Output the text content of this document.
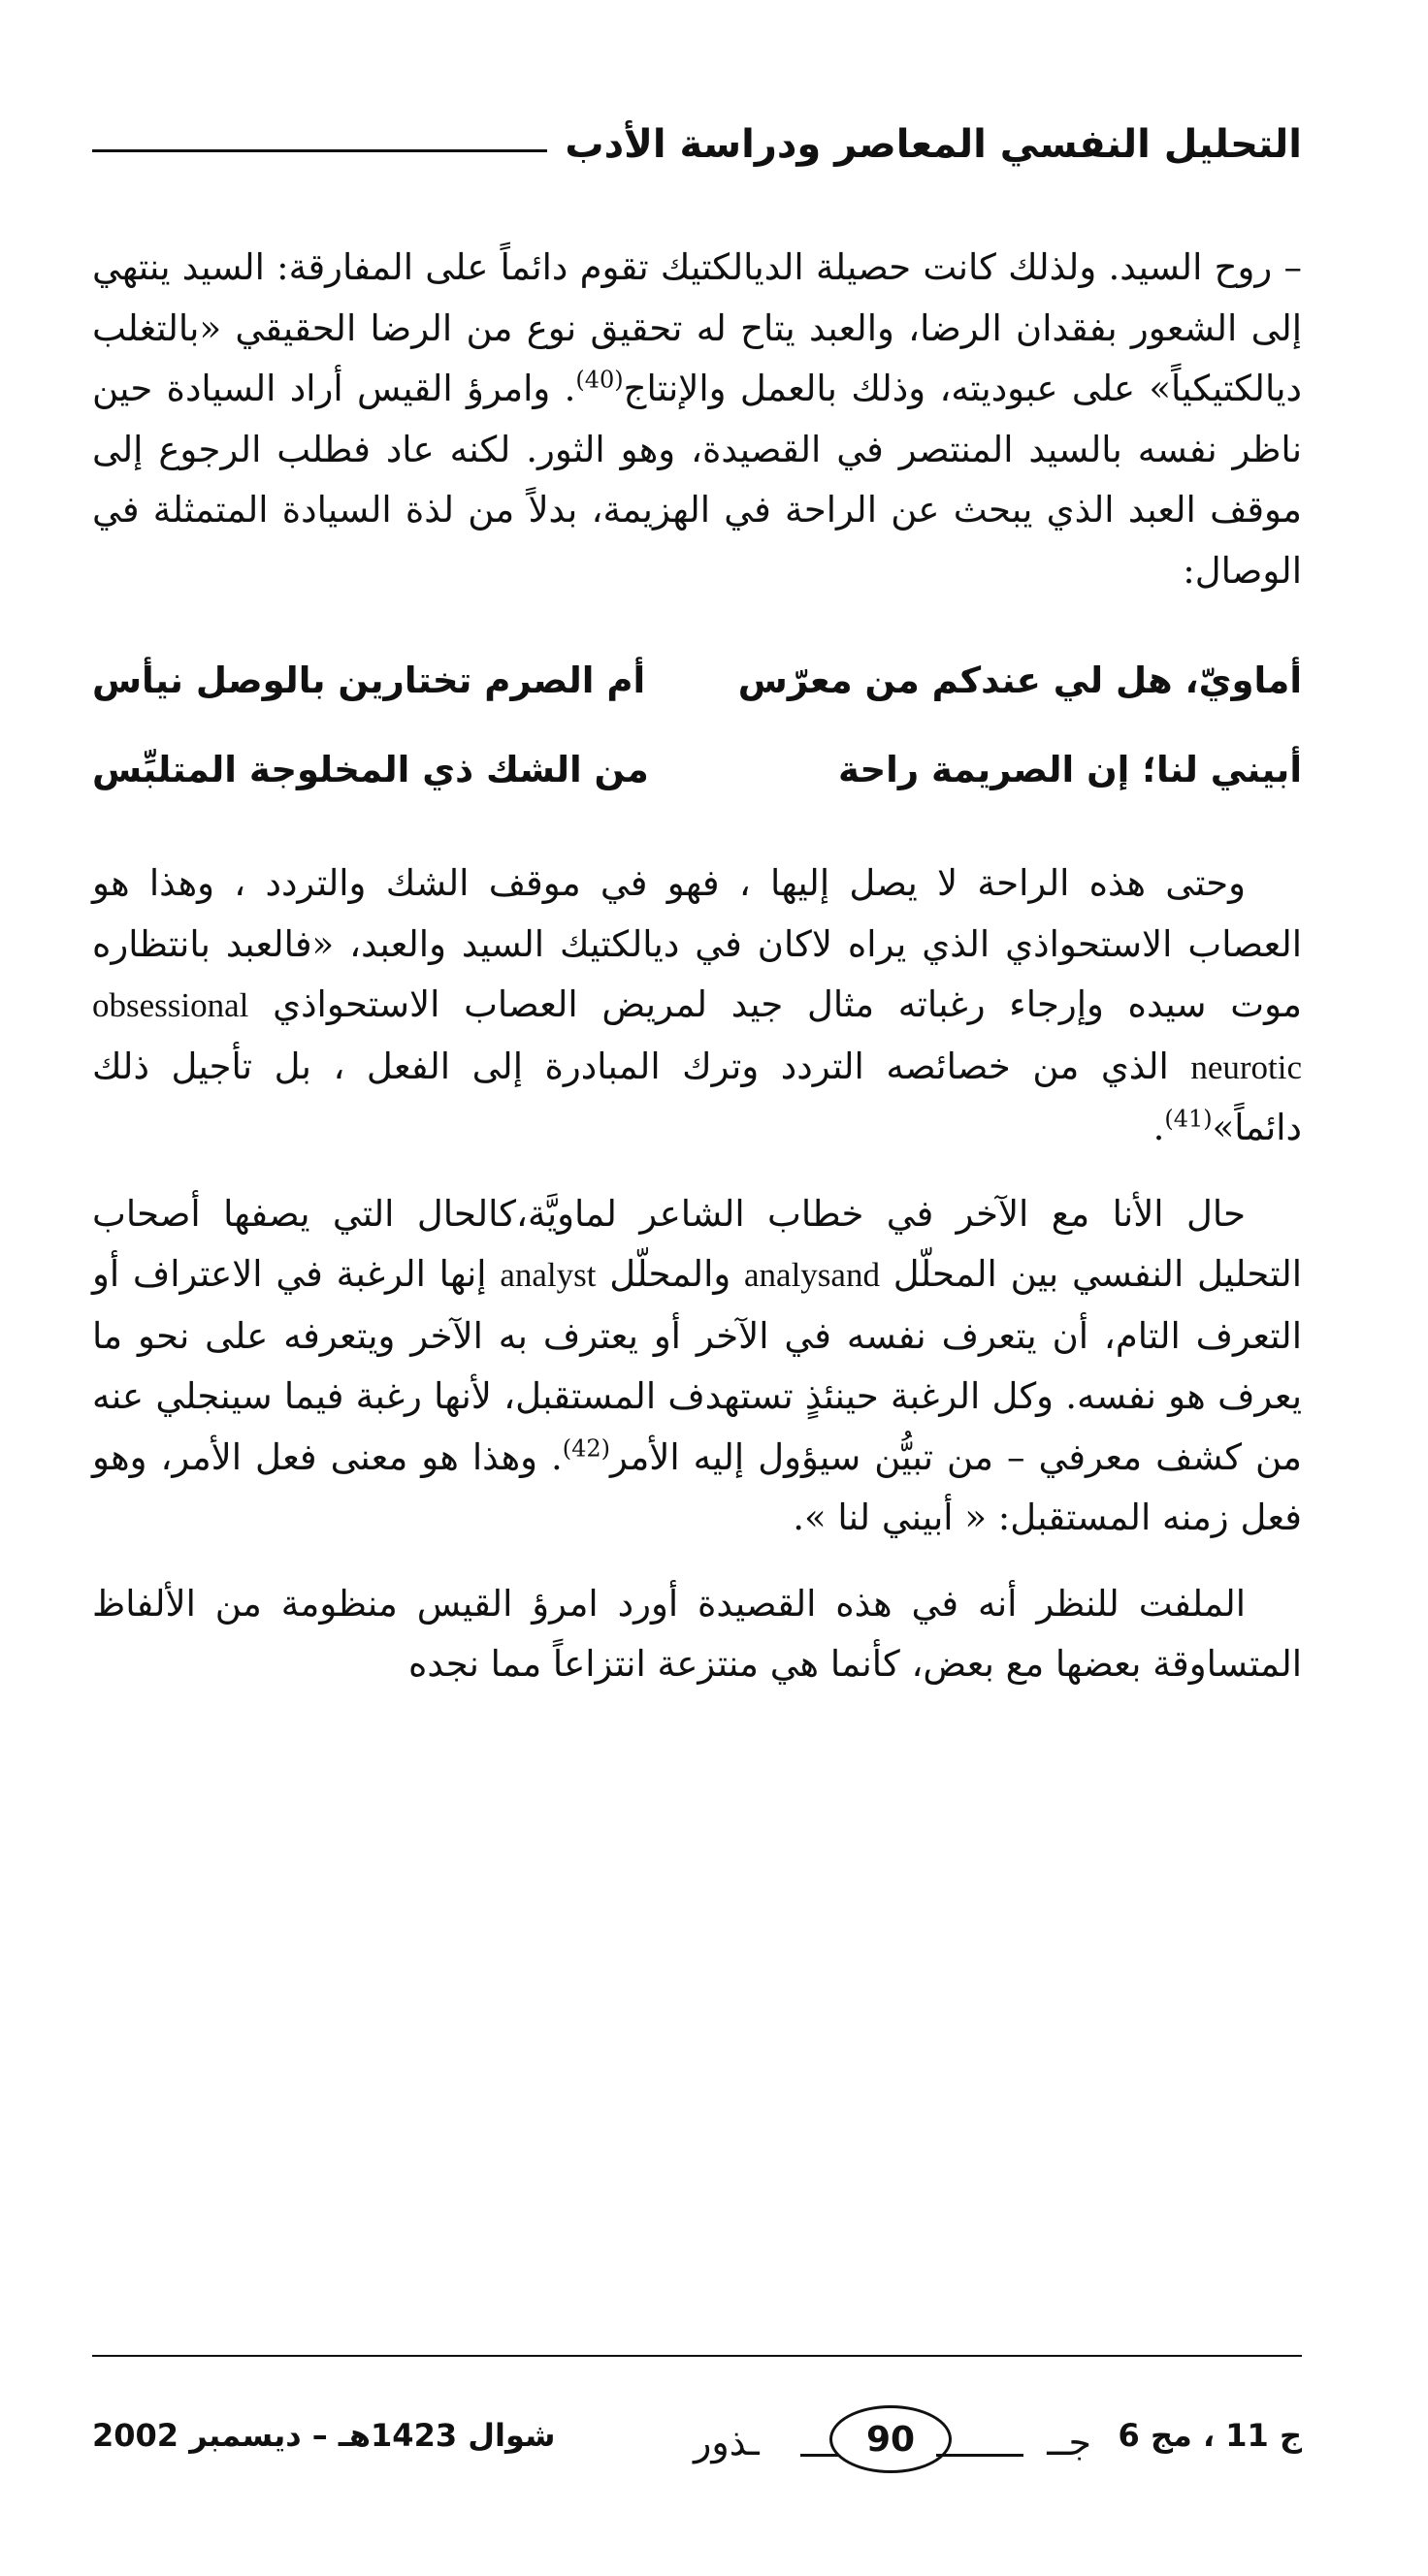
التحليل النفسي المعاصر ودراسة الأدب

– روح السيد. ولذلك كانت حصيلة الديالكتيك تقوم دائماً على المفارقة: السيد ينتهي إلى الشعور بفقدان الرضا، والعبد يتاح له تحقيق نوع من الرضا الحقيقي «بالتغلب ديالكتيكياً» على عبوديته، وذلك بالعمل والإنتاج$^{(40)}$. وامرؤ القيس أراد السيادة حين ناظر نفسه بالسيد المنتصر في القصيدة، وهو الثور. لكنه عاد فطلب الرجوع إلى موقف العبد الذي يبحث عن الراحة في الهزيمة، بدلاً من لذة السيادة المتمثلة في الوصال:

أماويّ، هل لي عندكم من معرّس
أم الصرم تختارين بالوصل نيأس
أبيني لنا؛ إن الصريمة راحة
من الشك ذي المخلوجة المتلبِّس

وحتى هذه الراحة لا يصل إليها ، فهو في موقف الشك والتردد ، وهذا هو العصاب الاستحواذي الذي يراه لاكان في ديالكتيك السيد والعبد، «فالعبد بانتظاره موت سيده وإرجاء رغباته مثال جيد لمريض العصاب الاستحواذي obsessional neurotic الذي من خصائصه التردد وترك المبادرة إلى الفعل ، بل تأجيل ذلك دائماً»$^{(41)}$.

حال الأنا مع الآخر في خطاب الشاعر لماويَّة،كالحال التي يصفها أصحاب التحليل النفسي بين المحلّل analysand والمحلّل analyst إنها الرغبة في الاعتراف أو التعرف التام، أن يتعرف نفسه في الآخر أو يعترف به الآخر ويتعرفه على نحو ما يعرف هو نفسه. وكل الرغبة حينئذٍ تستهدف المستقبل، لأنها رغبة فيما سينجلي عنه من كشف معرفي – من تبيُّن سيؤول إليه الأمر$^{(42)}$. وهذا هو معنى فعل الأمر، وهو فعل زمنه المستقبل: « أبيني لنا ».

الملفت للنظر أنه في هذه القصيدة أورد امرؤ القيس منظومة من الألفاظ المتساوقة بعضها مع بعض، كأنما هي منتزعة انتزاعاً مما نجده

ج 11 ، مج 6
جــ
90
ـذور
شوال 1423هـ – ديسمبر 2002
